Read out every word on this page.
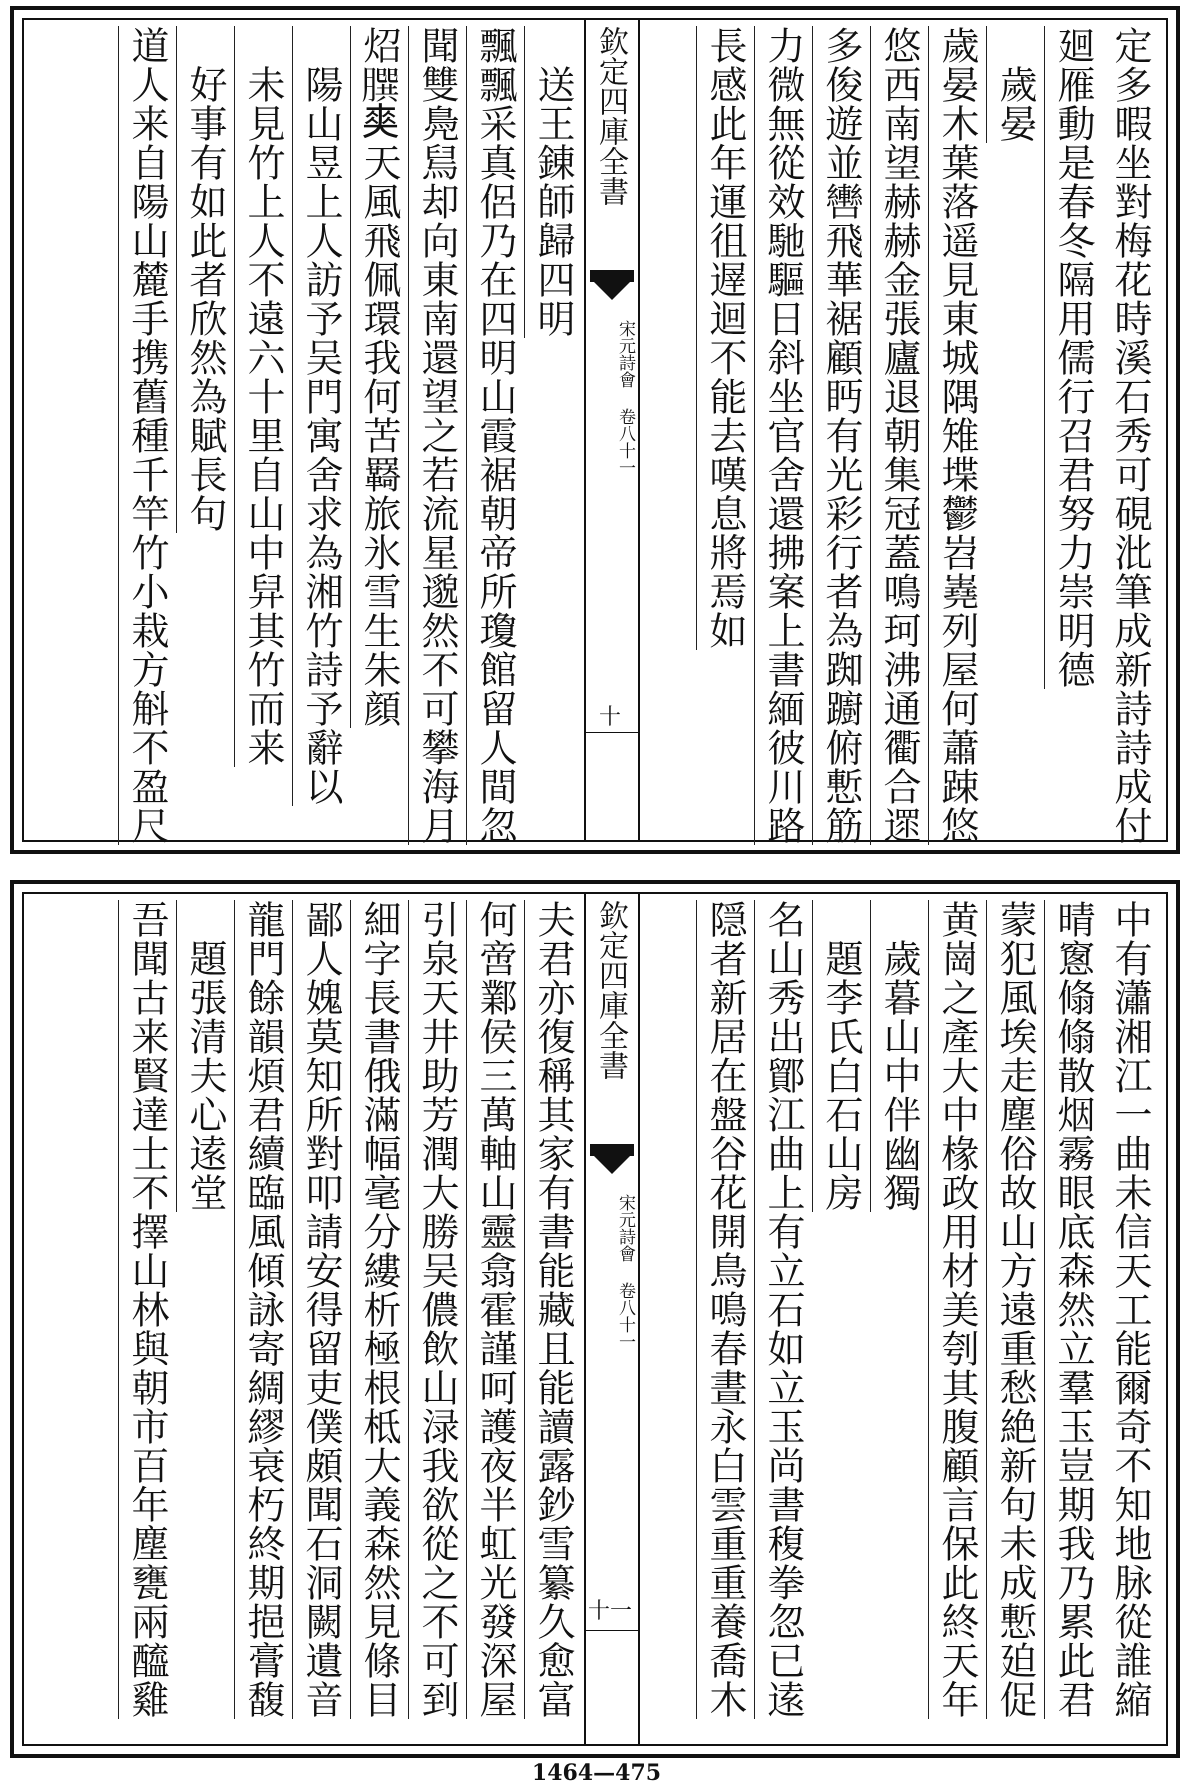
定多暇坐對梅花時溪石秀可硯沘筆成新詩詩成付
廻雁動是春冬隔用儒行召君努力崇明德
　歲晏
歲晏木葉落遥見東城隅雉堞鬱岧嶤列屋何蕭踈悠
悠西南望赫赫金張廬退朝集冠蓋鳴珂沸通衢合遝
多俊遊並轡飛華裾顧眄有光彩行者為踟躕俯慙筋
力微無從效馳驅日斜坐官舍還拂案上書緬彼川路
長感此年運徂遟迴不能去嘆息將焉如
欽定四庫全書
宋元詩會 卷八十一
十
　送王錬師歸四明
飄飄采真侶乃在四明山霞裾朝帝所瓊館留人間忽
聞雙鳧舃却向東南還望之若流星邈然不可攀海月
炤𦠆𠁊天風飛佩環我何苦羇旅氷雪生朱顔
　陽山昱上人訪予吴門寓舍求為湘竹詩予辭以
　未見竹上人不遠六十里自山中舁其竹而来
　好事有如此者欣然為賦長句
道人来自陽山麓手携舊種千竿竹小栽方斛不盈尺
中有瀟湘江一曲未信天工能爾奇不知地脉從誰縮
晴窻翛翛散烟霧眼底森然立羣玉豈期我乃累此君
蒙犯風埃走塵俗故山方遠重愁絶新句未成慙廹促
黄崗之產大中椽政用材美刳其腹顧言保此終天年
　歲暮山中伴幽獨
　題李氏白石山房
名山秀出鄮江曲上有立石如立玉尚書稪拳忽已逺
隠者新居在盤谷花開鳥鳴春晝永白雲重重養喬木
欽定四庫全書
宋元詩會 卷八十一
十一
夫君亦復稱其家有書能藏且能讀露鈔雪纂久愈富
何啻鄴侯三萬軸山靈翕霍謹呵護夜半虹光發深屋
引泉天井助芳潤大勝吴儂飲山渌我欲從之不可到
細字長書俄滿幅毫分縷析極根柢大義森然見條目
鄙人媿莫知所對叩請安得留吏僕頗聞石洞闕遺音
龍門餘韻煩君續臨風傾詠寄綢繆衰朽終期挹膏馥
　題張清夫心逺堂
吾聞古来賢達士不擇山林與朝市百年塵甕兩醯雞
1464—475
